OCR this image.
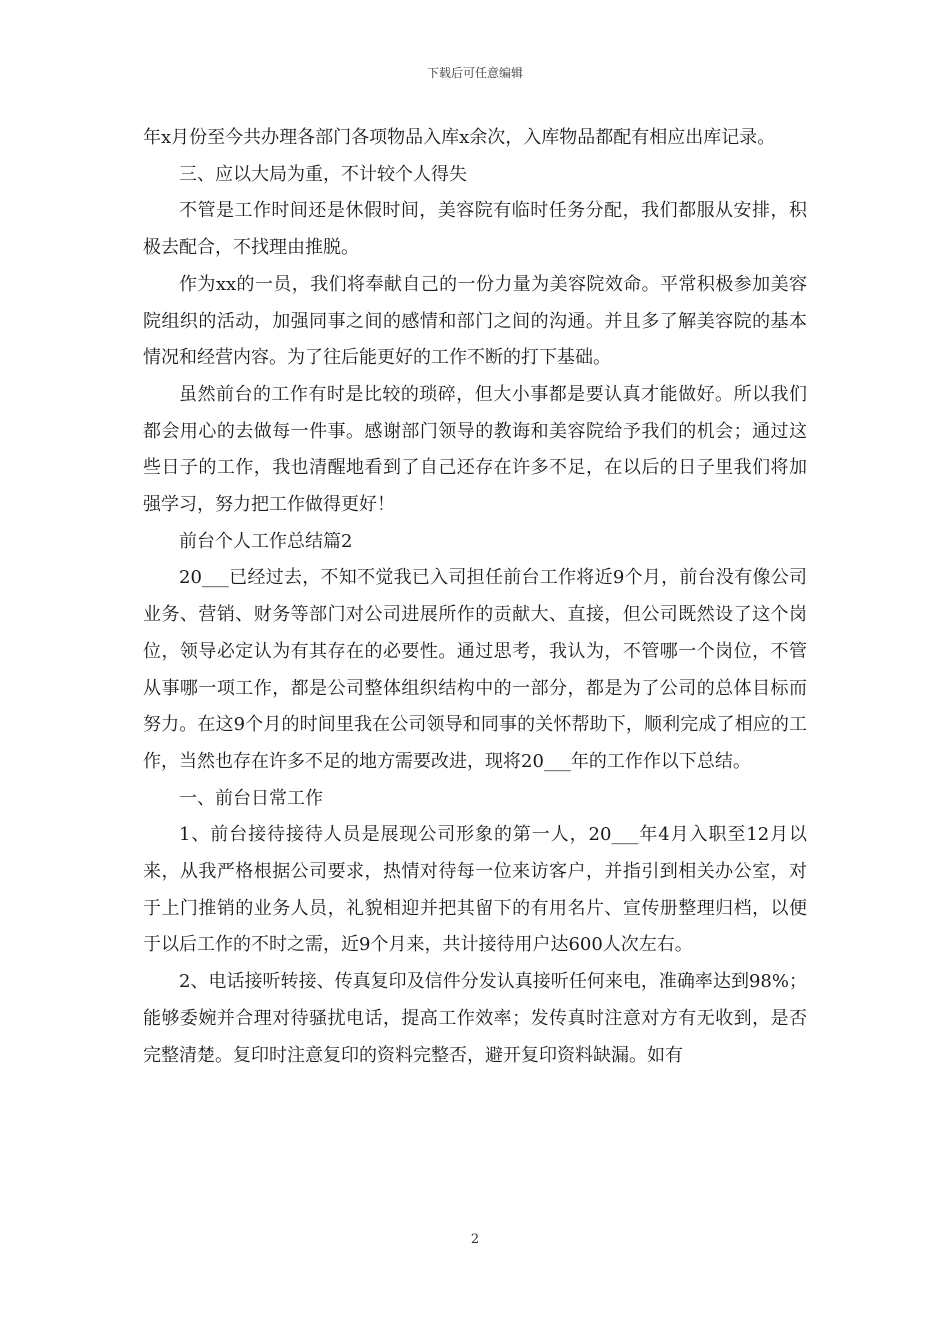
下载后可任意编辑

年x月份至今共办理各部门各项物品入库x余次，入库物品都配有相应出库记录。

三、应以大局为重，不计较个人得失

不管是工作时间还是休假时间，美容院有临时任务分配，我们都服从安排，积极去配合，不找理由推脱。

作为xx的一员，我们将奉献自己的一份力量为美容院效命。平常积极参加美容院组织的活动，加强同事之间的感情和部门之间的沟通。并且多了解美容院的基本情况和经营内容。为了往后能更好的工作不断的打下基础。

虽然前台的工作有时是比较的琐碎，但大小事都是要认真才能做好。所以我们都会用心的去做每一件事。感谢部门领导的教诲和美容院给予我们的机会；通过这些日子的工作，我也清醒地看到了自己还存在许多不足，在以后的日子里我们将加强学习，努力把工作做得更好！

前台个人工作总结篇2

20___已经过去，不知不觉我已入司担任前台工作将近9个月，前台没有像公司业务、营销、财务等部门对公司进展所作的贡献大、直接，但公司既然设了这个岗位，领导必定认为有其存在的必要性。通过思考，我认为，不管哪一个岗位，不管从事哪一项工作，都是公司整体组织结构中的一部分，都是为了公司的总体目标而努力。在这9个月的时间里我在公司领导和同事的关怀帮助下，顺利完成了相应的工作，当然也存在许多不足的地方需要改进，现将20___年的工作作以下总结。

一、前台日常工作

1、前台接待接待人员是展现公司形象的第一人，20___年4月入职至12月以来，从我严格根据公司要求，热情对待每一位来访客户，并指引到相关办公室，对于上门推销的业务人员，礼貌相迎并把其留下的有用名片、宣传册整理归档，以便于以后工作的不时之需，近9个月来，共计接待用户达600人次左右。

2、电话接听转接、传真复印及信件分发认真接听任何来电，准确率达到98%；能够委婉并合理对待骚扰电话，提高工作效率；发传真时注意对方有无收到，是否完整清楚。复印时注意复印的资料完整否，避开复印资料缺漏。如有

2
